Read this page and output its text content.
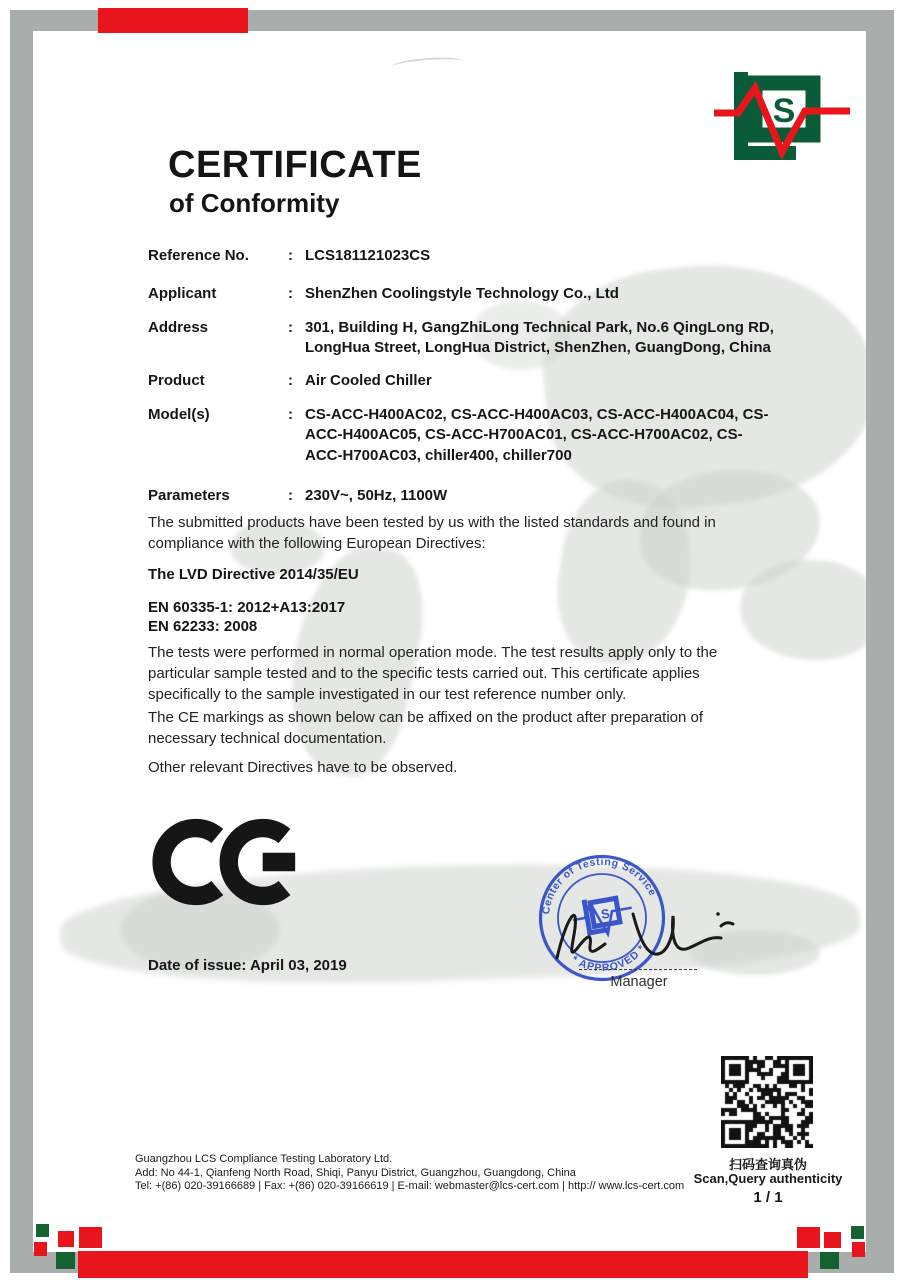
S
CERTIFICATE
of Conformity
Reference No.	: LCS181121023CS
Applicant	: ShenZhen Coolingstyle Technology Co., Ltd
Address	: 301, Building H, GangZhiLong Technical Park, No.6 QingLong RD, LongHua Street, LongHua District, ShenZhen, GuangDong, China
Product	: Air Cooled Chiller
Model(s)	: CS-ACC-H400AC02, CS-ACC-H400AC03, CS-ACC-H400AC04, CS-ACC-H400AC05, CS-ACC-H700AC01, CS-ACC-H700AC02, CS-ACC-H700AC03, chiller400, chiller700
Parameters	: 230V~, 50Hz, 1100W
The submitted products have been tested by us with the listed standards and found in compliance with the following European Directives:
The LVD Directive 2014/35/EU
EN 60335-1: 2012+A13:2017
EN 62233: 2008
The tests were performed in normal operation mode. The test results apply only to the particular sample tested and to the specific tests carried out. This certificate applies specifically to the sample investigated in our test reference number only.
The CE markings as shown below can be affixed on the product after preparation of necessary technical documentation.
Other relevant Directives have to be observed.
Date of issue: April 03, 2019
Center of Testing Service
* APPROVED *
S
Manager
扫码查询真伪
Scan,Query authenticity
1 / 1
Guangzhou LCS Compliance Testing Laboratory Ltd.
Add: No 44-1, Qianfeng North Road, Shiqi, Panyu District, Guangzhou, Guangdong, China
Tel: +(86) 020-39166689 | Fax: +(86) 020-39166619 | E-mail: webmaster@lcs-cert.com | http:// www.lcs-cert.com
